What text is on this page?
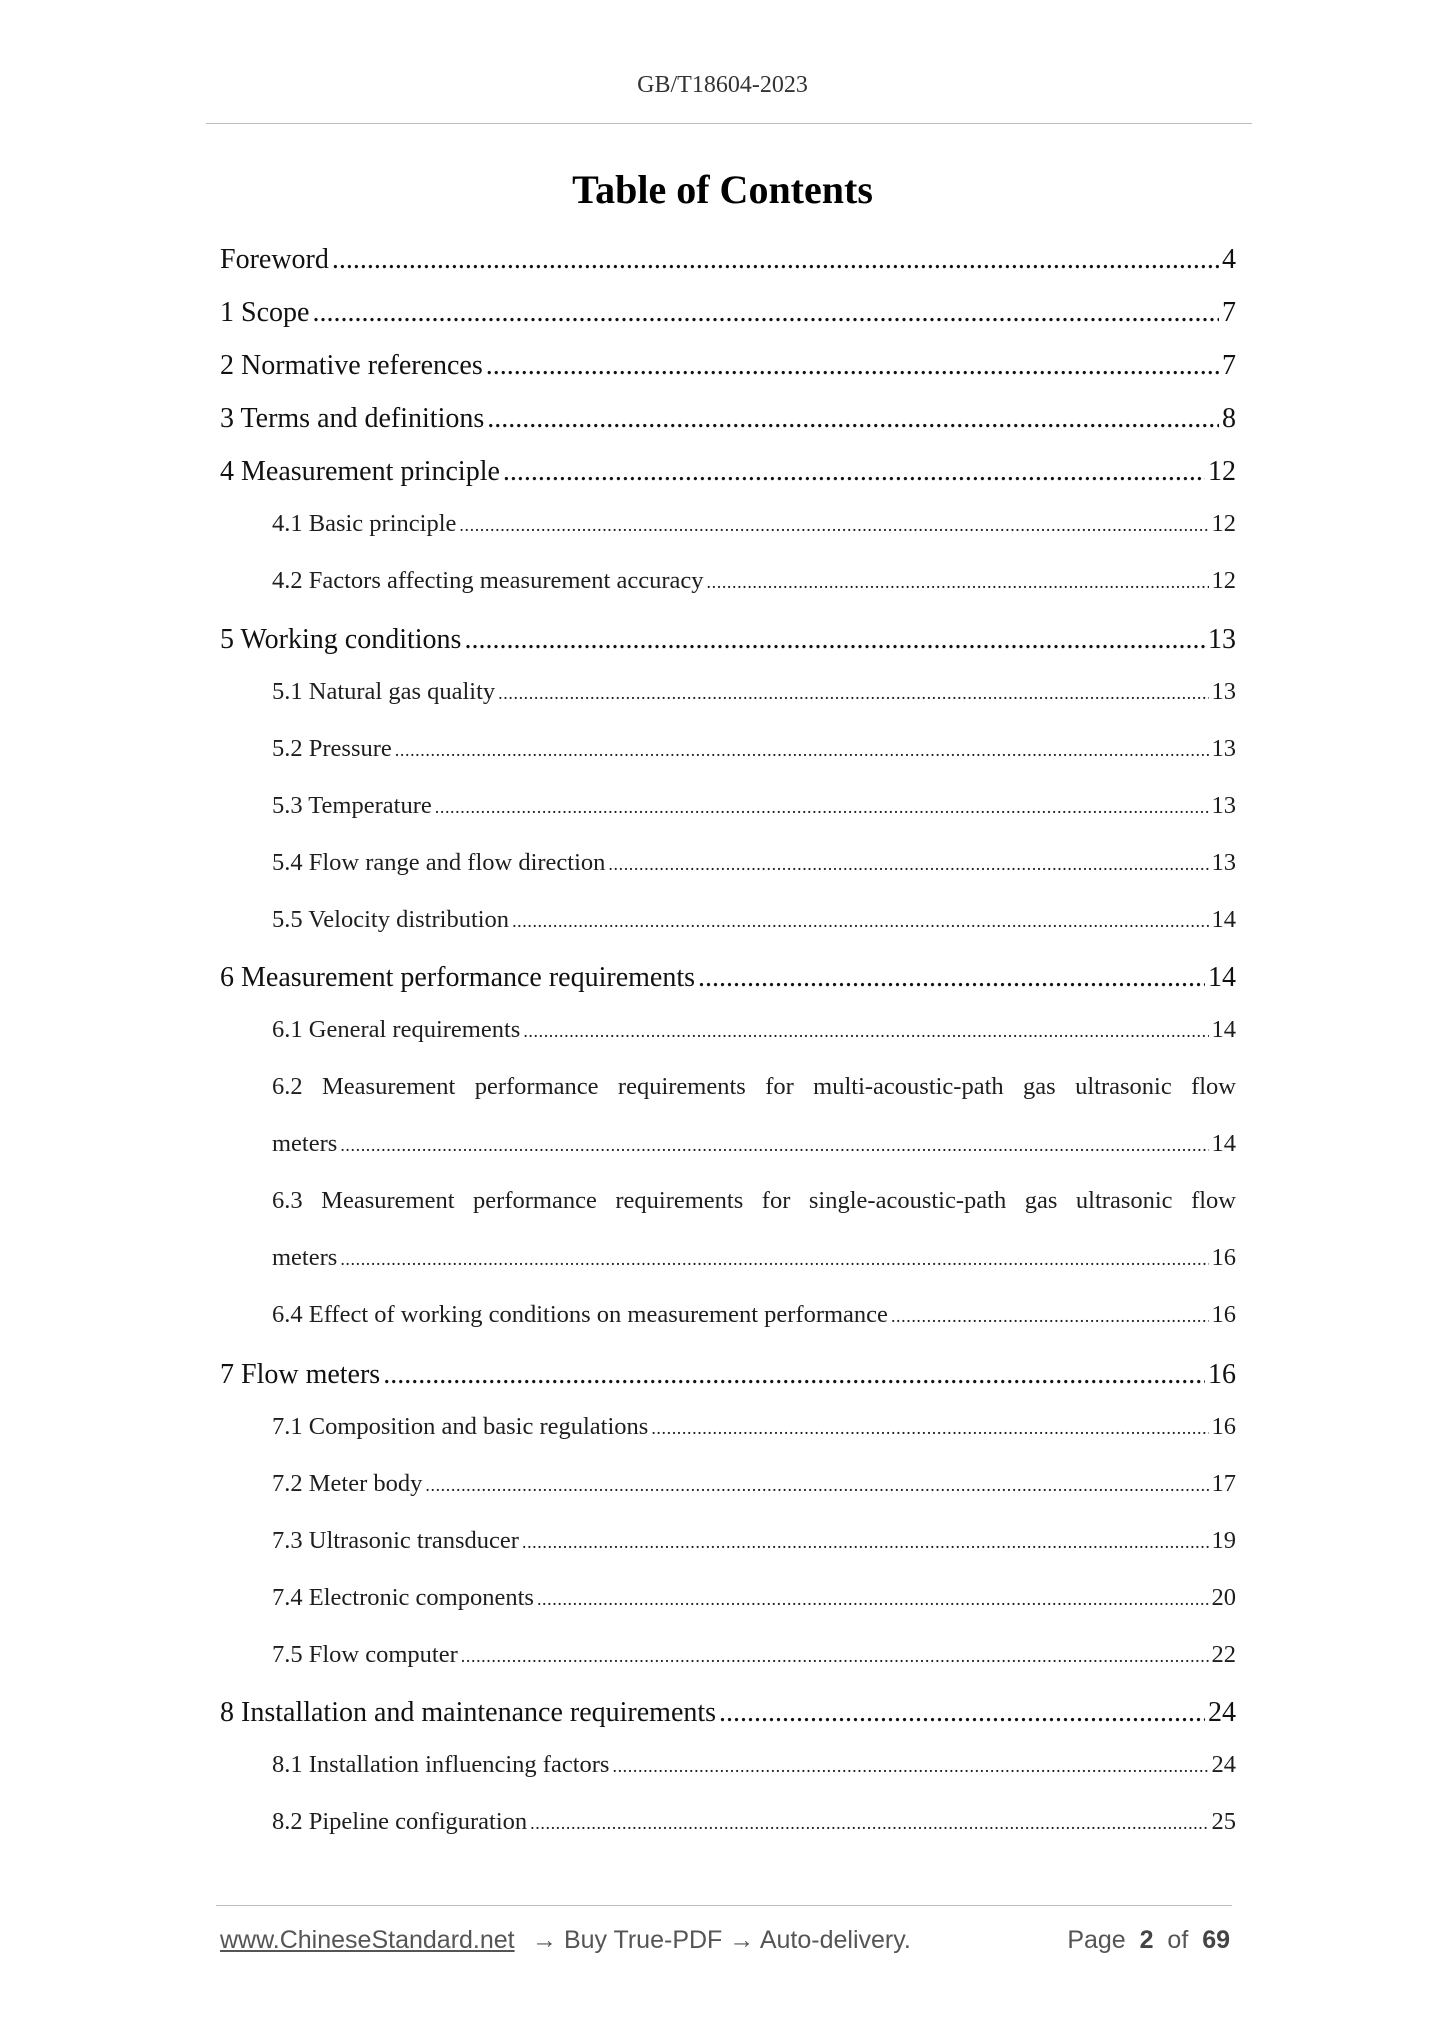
GB/T18604-2023
Table of Contents
Foreword .....	4
1 Scope .....	7
2 Normative references .....	7
3 Terms and definitions .....	8
4 Measurement principle .....	12
4.1 Basic principle .....	12
4.2 Factors affecting measurement accuracy .....	12
5 Working conditions .....	13
5.1 Natural gas quality .....	13
5.2 Pressure .....	13
5.3 Temperature .....	13
5.4 Flow range and flow direction .....	13
5.5 Velocity distribution .....	14
6 Measurement performance requirements .....	14
6.1 General requirements .....	14
6.2 Measurement performance requirements for multi-acoustic-path gas ultrasonic flow
meters .....	14
6.3 Measurement performance requirements for single-acoustic-path gas ultrasonic flow
meters .....	16
6.4 Effect of working conditions on measurement performance .....	16
7 Flow meters .....	16
7.1 Composition and basic regulations .....	16
7.2 Meter body .....	17
7.3 Ultrasonic transducer .....	19
7.4 Electronic components .....	20
7.5 Flow computer .....	22
8 Installation and maintenance requirements .....	24
8.1 Installation influencing factors .....	24
8.2 Pipeline configuration .....	25
www.ChineseStandard.net → Buy True-PDF → Auto-delivery.	Page 2 of 69
